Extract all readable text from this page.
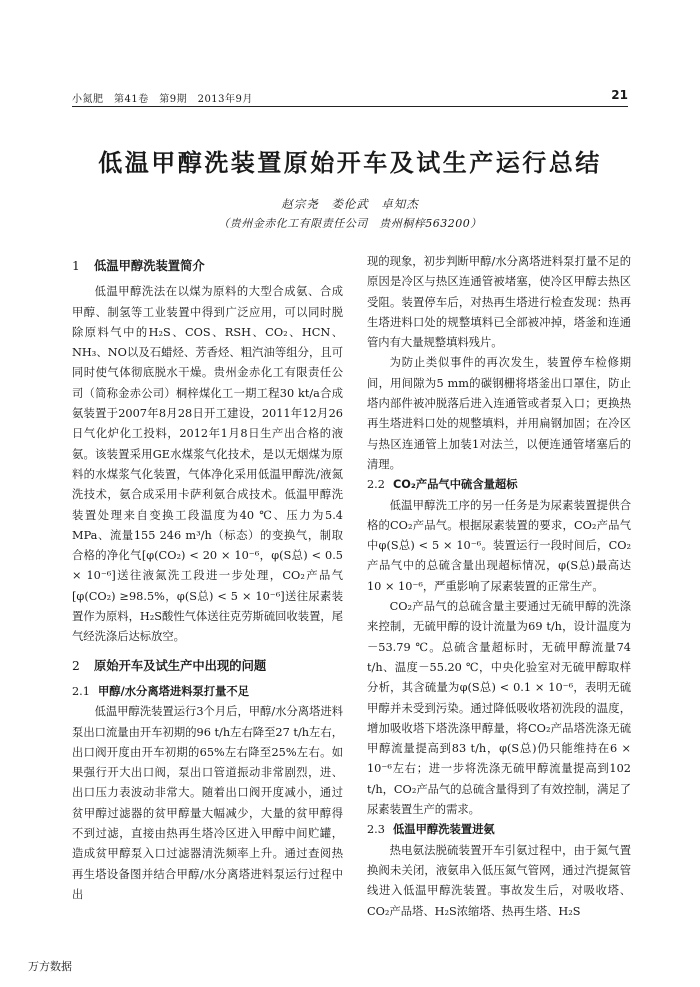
小氮肥　第41卷　第9期　2013年9月	21
低温甲醇洗装置原始开车及试生产运行总结
赵宗尧　娄伦武　卓知杰
（贵州金赤化工有限责任公司　贵州桐梓563200）
1 低温甲醇洗装置简介

低温甲醇洗法在以煤为原料的大型合成氨、合成甲醇、制氢等工业装置中得到广泛应用，可以同时脱除原料气中的H₂S、COS、RSH、CO₂、HCN、NH₃、NO以及石蜡烃、芳香烃、粗汽油等组分，且可同时使气体彻底脱水干燥。贵州金赤化工有限责任公司（简称金赤公司）桐梓煤化工一期工程30 kt/a合成氨装置于2007年8月28日开工建设，2011年12月26日气化炉化工投料，2012年1月8日生产出合格的液氨。该装置采用GE水煤浆气化技术，是以无烟煤为原料的水煤浆气化装置，气体净化采用低温甲醇洗/液氮洗技术，氨合成采用卡萨利氨合成技术。低温甲醇洗装置处理来自变换工段温度为40 ℃、压力为5.4 MPa、流量155 246 m³/h（标态）的变换气，制取合格的净化气[φ(CO₂) < 20 × 10⁻⁶，φ(S总) < 0.5 × 10⁻⁶]送往液氮洗工段进一步处理，CO₂产品气[φ(CO₂) ≥98.5%，φ(S总) < 5 × 10⁻⁶]送往尿素装置作为原料，H₂S酸性气体送往克劳斯硫回收装置，尾气经洗涤后达标放空。

2 原始开车及试生产中出现的问题
2.1 甲醇/水分离塔进料泵打量不足

低温甲醇洗装置运行3个月后，甲醇/水分离塔进料泵出口流量由开车初期的96 t/h左右降至27 t/h左右，出口阀开度由开车初期的65%左右降至25%左右。如果强行开大出口阀，泵出口管道振动非常剧烈，进、出口压力表波动非常大。随着出口阀开度减小，通过贫甲醇过滤器的贫甲醇量大幅减少，大量的贫甲醇得不到过滤，直接由热再生塔冷区进入甲醇中间贮罐，造成贫甲醇泵入口过滤器清洗频率上升。通过查阅热再生塔设备图并结合甲醇/水分离塔进料泵运行过程中出

现的现象，初步判断甲醇/水分离塔进料泵打量不足的原因是冷区与热区连通管被堵塞，使冷区甲醇去热区受阻。装置停车后，对热再生塔进行检查发现：热再生塔进料口处的规整填料已全部被冲掉，塔釜和连通管内有大量规整填料残片。

为防止类似事件的再次发生，装置停车检修期间，用间隙为5 mm的碳钢栅将塔釜出口罩住，防止塔内部件被冲脱落后进入连通管或者泵入口；更换热再生塔进料口处的规整填料，并用扁钢加固；在冷区与热区连通管上加装1对法兰，以便连通管堵塞后的清理。

2.2 CO₂产品气中硫含量超标

低温甲醇洗工序的另一任务是为尿素装置提供合格的CO₂产品气。根据尿素装置的要求，CO₂产品气中φ(S总) < 5 × 10⁻⁶。装置运行一段时间后，CO₂产品气中的总硫含量出现超标情况，φ(S总)最高达10 × 10⁻⁶，严重影响了尿素装置的正常生产。

CO₂产品气的总硫含量主要通过无硫甲醇的洗涤来控制，无硫甲醇的设计流量为69 t/h，设计温度为－53.79 ℃。总硫含量超标时，无硫甲醇流量74 t/h、温度－55.20 ℃，中央化验室对无硫甲醇取样分析，其含硫量为φ(S总) < 0.1 × 10⁻⁶，表明无硫甲醇并未受到污染。通过降低吸收塔初洗段的温度，增加吸收塔下塔洗涤甲醇量，将CO₂产品塔洗涤无硫甲醇流量提高到83 t/h，φ(S总)仍只能维持在6 × 10⁻⁶左右；进一步将洗涤无硫甲醇流量提高到102 t/h，CO₂产品气的总硫含量得到了有效控制，满足了尿素装置生产的需求。

2.3 低温甲醇洗装置进氨

热电氨法脱硫装置开车引氨过程中，由于氮气置换阀未关闭，液氨串入低压氮气管网，通过汽提氮管线进入低温甲醇洗装置。事故发生后，对吸收塔、CO₂产品塔、H₂S浓缩塔、热再生塔、H₂S

万方数据
